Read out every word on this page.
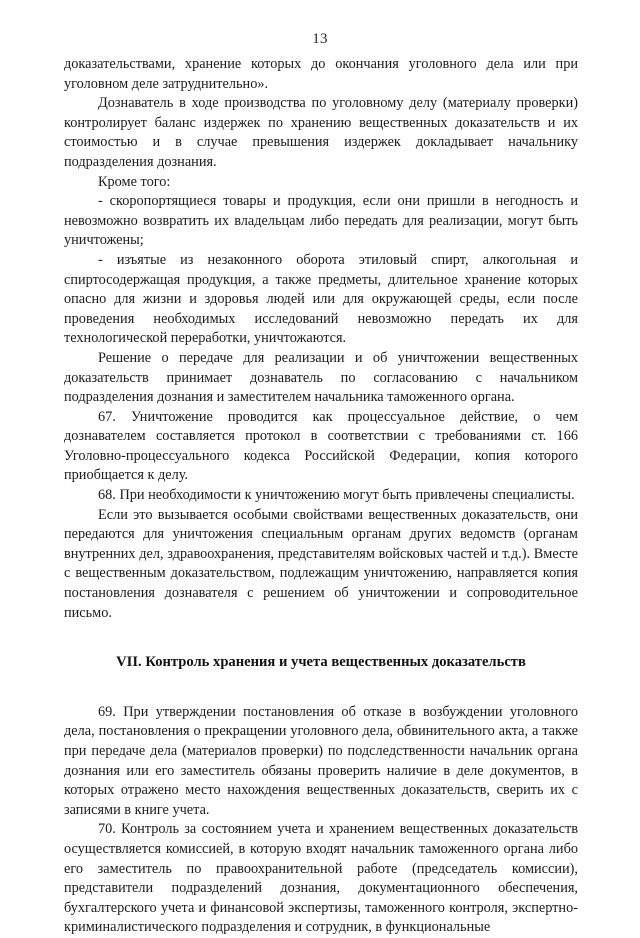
13

доказательствами, хранение которых до окончания уголовного дела или при уголовном деле затруднительно».

Дознаватель в ходе производства по уголовному делу (материалу проверки) контролирует баланс издержек по хранению вещественных доказательств и их стоимостью и в случае превышения издержек докладывает начальнику подразделения дознания.

Кроме того:

- скоропортящиеся товары и продукция, если они пришли в негодность и невозможно возвратить их владельцам либо передать для реализации, могут быть уничтожены;

- изъятые из незаконного оборота этиловый спирт, алкогольная и спиртосодержащая продукция, а также предметы, длительное хранение которых опасно для жизни и здоровья людей или для окружающей среды, если после проведения необходимых исследований невозможно передать их для технологической переработки, уничтожаются.

Решение о передаче для реализации и об уничтожении вещественных доказательств принимает дознаватель по согласованию с начальником подразделения дознания и заместителем начальника таможенного органа.

67. Уничтожение проводится как процессуальное действие, о чем дознавателем составляется протокол в соответствии с требованиями ст. 166 Уголовно-процессуального кодекса Российской Федерации, копия которого приобщается к делу.

68. При необходимости к уничтожению могут быть привлечены специалисты.

Если это вызывается особыми свойствами вещественных доказательств, они передаются для уничтожения специальным органам других ведомств (органам внутренних дел, здравоохранения, представителям войсковых частей и т.д.). Вместе с вещественным доказательством, подлежащим уничтожению, направляется копия постановления дознавателя с решением об уничтожении и сопроводительное письмо.

VII. Контроль хранения и учета вещественных доказательств

69. При утверждении постановления об отказе в возбуждении уголовного дела, постановления о прекращении уголовного дела, обвинительного акта, а также при передаче дела (материалов проверки) по подследственности начальник органа дознания или его заместитель обязаны проверить наличие в деле документов, в которых отражено место нахождения вещественных доказательств, сверить их с записями в книге учета.

70. Контроль за состоянием учета и хранением вещественных доказательств осуществляется комиссией, в которую входят начальник таможенного органа либо его заместитель по правоохранительной работе (председатель комиссии), представители подразделений дознания, документационного обеспечения, бухгалтерского учета и финансовой экспертизы, таможенного контроля, экспертно-криминалистического подразделения и сотрудник, в функциональные
